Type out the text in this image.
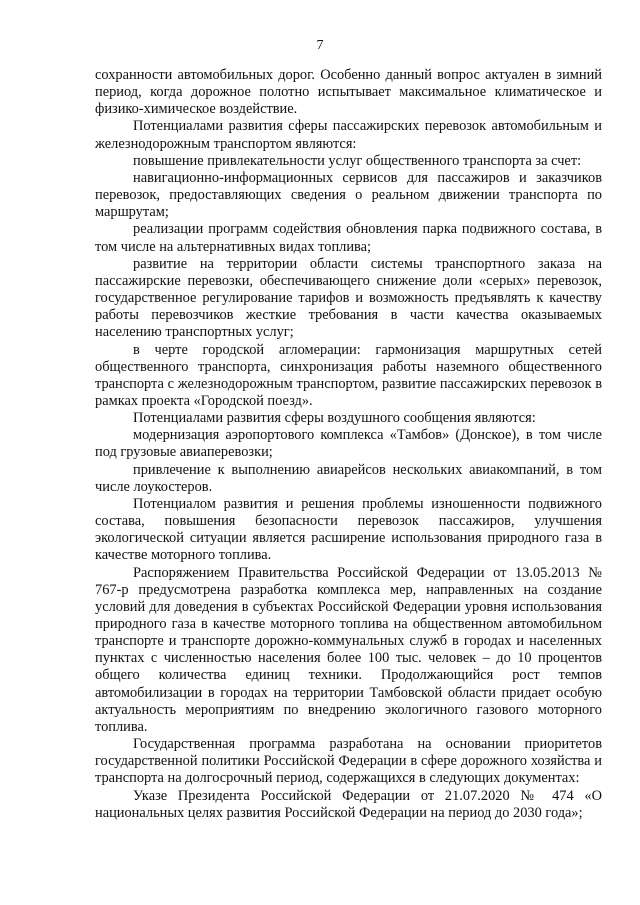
7

сохранности автомобильных дорог. Особенно данный вопрос актуален в зимний период, когда дорожное полотно испытывает максимальное климатическое и физико-химическое воздействие.

Потенциалами развития сферы пассажирских перевозок автомобильным и железнодорожным транспортом являются:

повышение привлекательности услуг общественного транспорта за счет:

навигационно-информационных сервисов для пассажиров и заказчиков перевозок, предоставляющих сведения о реальном движении транспорта по маршрутам;

реализации программ содействия обновления парка подвижного состава, в том числе на альтернативных видах топлива;

развитие на территории области системы транспортного заказа на пассажирские перевозки, обеспечивающего снижение доли «серых» перевозок, государственное регулирование тарифов и возможность предъявлять к качеству работы перевозчиков жесткие требования в части качества оказываемых населению транспортных услуг;

в черте городской агломерации: гармонизация маршрутных сетей общественного транспорта, синхронизация работы наземного общественного транспорта с железнодорожным транспортом, развитие пассажирских перевозок в рамках проекта «Городской поезд».

Потенциалами развития сферы воздушного сообщения являются:

модернизация аэропортового комплекса «Тамбов» (Донское), в том числе под грузовые авиаперевозки;

привлечение к выполнению авиарейсов нескольких авиакомпаний, в том числе лоукостеров.

Потенциалом развития и решения проблемы изношенности подвижного состава, повышения безопасности перевозок пассажиров, улучшения экологической ситуации является расширение использования природного газа в качестве моторного топлива.

Распоряжением Правительства Российской Федерации от 13.05.2013 № 767-р предусмотрена разработка комплекса мер, направленных на создание условий для доведения в субъектах Российской Федерации уровня использования природного газа в качестве моторного топлива на общественном автомобильном транспорте и транспорте дорожно-коммунальных служб в городах и населенных пунктах с численностью населения более 100 тыс. человек – до 10 процентов общего количества единиц техники. Продолжающийся рост темпов автомобилизации в городах на территории Тамбовской области придает особую актуальность мероприятиям по внедрению экологичного газового моторного топлива.

Государственная программа разработана на основании приоритетов государственной политики Российской Федерации в сфере дорожного хозяйства и транспорта на долгосрочный период, содержащихся в следующих документах:

Указе Президента Российской Федерации от 21.07.2020 № 474 «О национальных целях развития Российской Федерации на период до 2030 года»;
